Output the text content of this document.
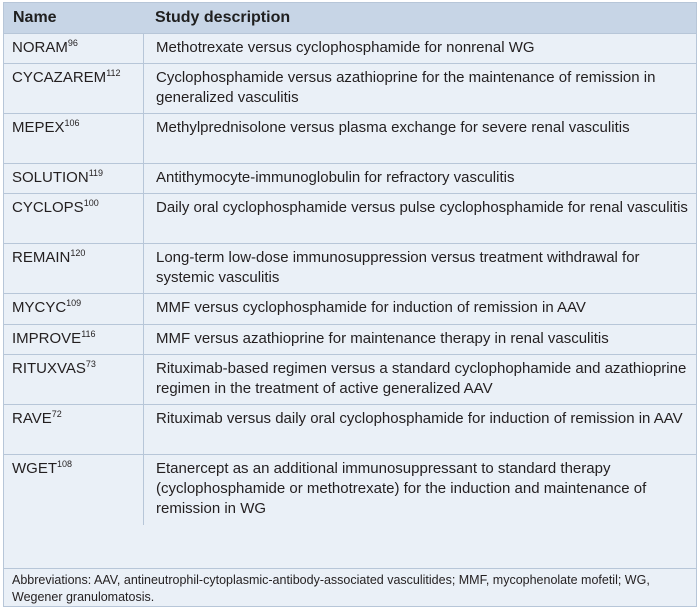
Name	Study description
NORAM$^{96}$	Methotrexate versus cyclophosphamide for nonrenal WG
CYCAZAREM$^{112}$	Cyclophosphamide versus azathioprine for the maintenance of remission in generalized vasculitis
MEPEX$^{106}$	Methylprednisolone versus plasma exchange for severe renal vasculitis
SOLUTION$^{119}$	Antithymocyte-immunoglobulin for refractory vasculitis
CYCLOPS$^{100}$	Daily oral cyclophosphamide versus pulse cyclophosphamide for renal vasculitis
REMAIN$^{120}$	Long-term low-dose immunosuppression versus treatment withdrawal for systemic vasculitis
MYCYC$^{109}$	MMF versus cyclophosphamide for induction of remission in AAV
IMPROVE$^{116}$	MMF versus azathioprine for maintenance therapy in renal vasculitis
RITUXVAS$^{73}$	Rituximab-based regimen versus a standard cyclophophamide and azathioprine regimen in the treatment of active generalized AAV
RAVE$^{72}$	Rituximab versus daily oral cyclophosphamide for induction of remission in AAV
WGET$^{108}$	Etanercept as an additional immunosuppressant to standard therapy (cyclophosphamide or methotrexate) for the induction and maintenance of remission in WG
Abbreviations: AAV, antineutrophil-cytoplasmic-antibody-associated vasculitides; MMF, mycophenolate mofetil; WG, Wegener granulomatosis.
